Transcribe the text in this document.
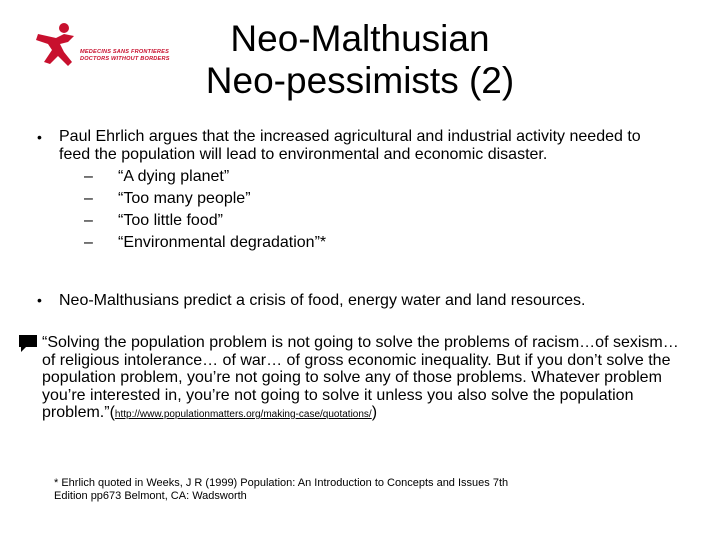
MEDECINS SANS FRONTIERES
DOCTORS WITHOUT BORDERS	Neo-Malthusian
Neo-pessimists (2)
• Paul Ehrlich argues that the increased agricultural and industrial activity needed to feed the population will lead to environmental and economic disaster.
– “A dying planet”
– “Too many people”
– “Too little food”
– “Environmental degradation”*
• Neo-Malthusians predict a crisis of food, energy water and land resources.
“Solving the population problem is not going to solve the problems of racism…of sexism…of religious intolerance… of war… of gross economic inequality. But if you don’t solve the population problem, you’re not going to solve any of those problems. Whatever problem you’re interested in, you’re not going to solve it unless you also solve the population problem.”(http://www.populationmatters.org/making-case/quotations/)
* Ehrlich quoted in Weeks, J R (1999) Population: An Introduction to Concepts and Issues 7th
Edition pp673 Belmont, CA: Wadsworth
